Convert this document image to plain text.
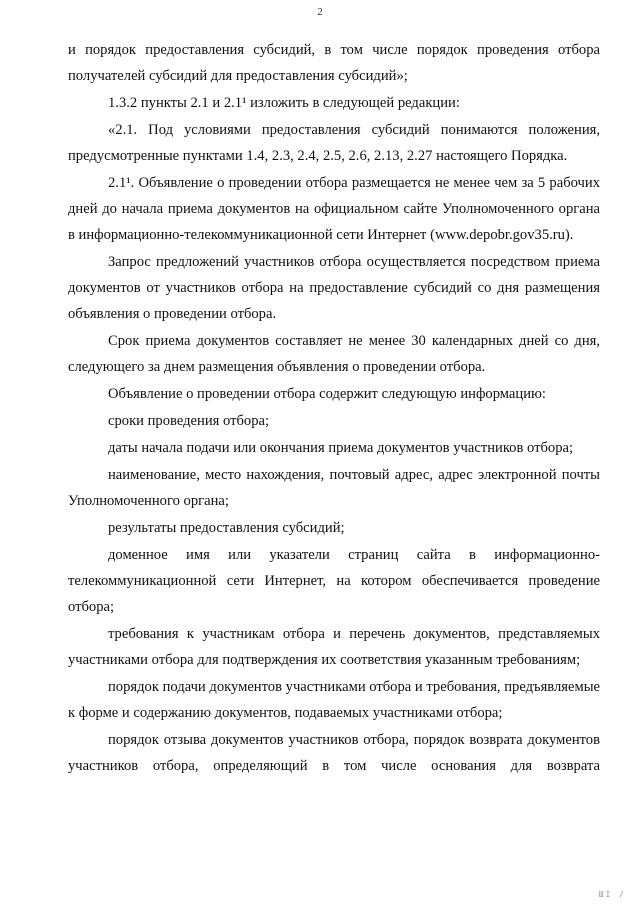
2

и порядок предоставления субсидий, в том числе порядок проведения отбора получателей субсидий для предоставления субсидий»;

1.3.2 пункты 2.1 и 2.1¹ изложить в следующей редакции:

«2.1. Под условиями предоставления субсидий понимаются положения, предусмотренные пунктами 1.4, 2.3, 2.4, 2.5, 2.6, 2.13, 2.27 настоящего Порядка.

2.1¹. Объявление о проведении отбора размещается не менее чем за 5 рабочих дней до начала приема документов на официальном сайте Уполномоченного органа в информационно-телекоммуникационной сети Интернет (www.depobr.gov35.ru).

Запрос предложений участников отбора осуществляется посредством приема документов от участников отбора на предоставление субсидий со дня размещения объявления о проведении отбора.

Срок приема документов составляет не менее 30 календарных дней со дня, следующего за днем размещения объявления о проведении отбора.

Объявление о проведении отбора содержит следующую информацию:

сроки проведения отбора;

даты начала подачи или окончания приема документов участников отбора;

наименование, место нахождения, почтовый адрес, адрес электронной почты Уполномоченного органа;

результаты предоставления субсидий;

доменное имя или указатели страниц сайта в информационно-телекоммуникационной сети Интернет, на котором обеспечивается проведение отбора;

требования к участникам отбора и перечень документов, представляемых участниками отбора для подтверждения их соответствия указанным требованиям;

порядок подачи документов участниками отбора и требования, предъявляемые к форме и содержанию документов, подаваемых участниками отбора;

порядок отзыва документов участников отбора, порядок возврата документов участников отбора, определяющий в том числе основания для возврата

ШI /
